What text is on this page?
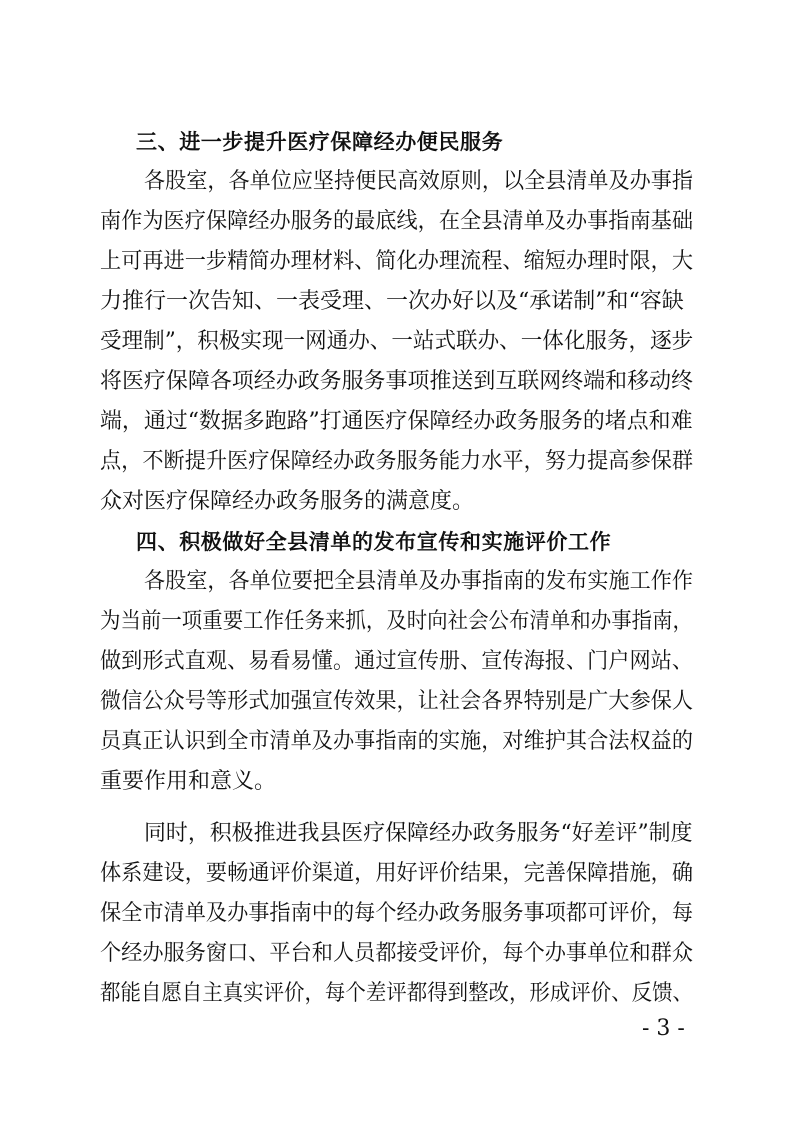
三、进一步提升医疗保障经办便民服务
各股室，各单位应坚持便民高效原则，以全县清单及办事指
南作为医疗保障经办服务的最底线，在全县清单及办事指南基础
上可再进一步精简办理材料、简化办理流程、缩短办理时限，大
力推行一次告知、一表受理、一次办好以及“承诺制”和“容缺
受理制”，积极实现一网通办、一站式联办、一体化服务，逐步
将医疗保障各项经办政务服务事项推送到互联网终端和移动终
端，通过“数据多跑路”打通医疗保障经办政务服务的堵点和难
点，不断提升医疗保障经办政务服务能力水平，努力提高参保群
众对医疗保障经办政务服务的满意度。
四、积极做好全县清单的发布宣传和实施评价工作
各股室，各单位要把全县清单及办事指南的发布实施工作作
为当前一项重要工作任务来抓，及时向社会公布清单和办事指南，
做到形式直观、易看易懂。通过宣传册、宣传海报、门户网站、
微信公众号等形式加强宣传效果，让社会各界特别是广大参保人
员真正认识到全市清单及办事指南的实施，对维护其合法权益的
重要作用和意义。
同时，积极推进我县医疗保障经办政务服务“好差评”制度
体系建设，要畅通评价渠道，用好评价结果，完善保障措施，确
保全市清单及办事指南中的每个经办政务服务事项都可评价，每
个经办服务窗口、平台和人员都接受评价，每个办事单位和群众
都能自愿自主真实评价，每个差评都得到整改，形成评价、反馈、
- 3 -
